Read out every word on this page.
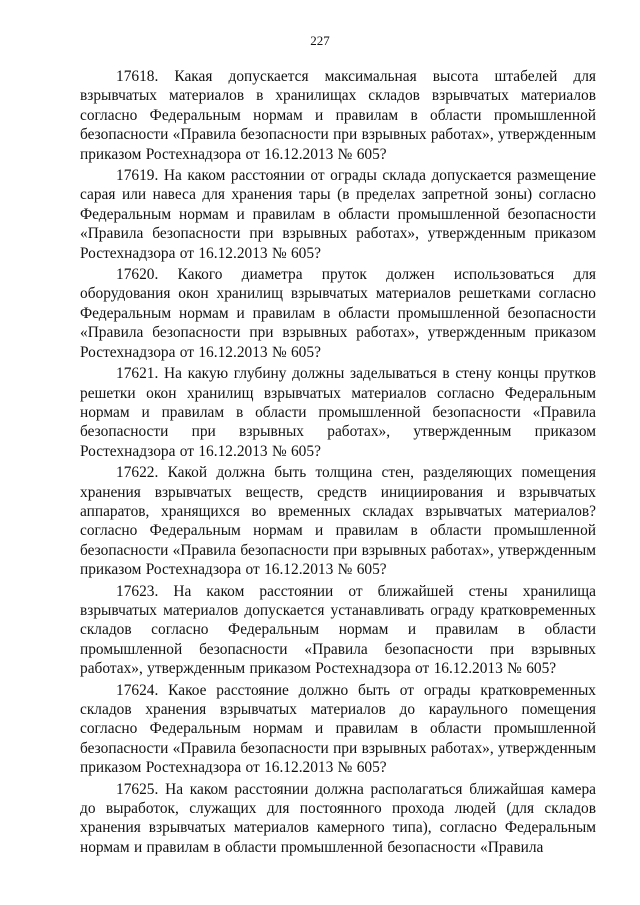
227

17618. Какая допускается максимальная высота штабелей для взрывчатых материалов в хранилищах складов взрывчатых материалов согласно Федеральным нормам и правилам в области промышленной безопасности «Правила безопасности при взрывных работах», утвержденным приказом Ростехнадзора от 16.12.2013 № 605?

17619. На каком расстоянии от ограды склада допускается размещение сарая или навеса для хранения тары (в пределах запретной зоны) согласно Федеральным нормам и правилам в области промышленной безопасности «Правила безопасности при взрывных работах», утвержденным приказом Ростехнадзора от 16.12.2013 № 605?

17620. Какого диаметра пруток должен использоваться для оборудования окон хранилищ взрывчатых материалов решетками согласно Федеральным нормам и правилам в области промышленной безопасности «Правила безопасности при взрывных работах», утвержденным приказом Ростехнадзора от 16.12.2013 № 605?

17621. На какую глубину должны заделываться в стену концы прутков решетки окон хранилищ взрывчатых материалов согласно Федеральным нормам и правилам в области промышленной безопасности «Правила безопасности при взрывных работах», утвержденным приказом Ростехнадзора от 16.12.2013 № 605?

17622. Какой должна быть толщина стен, разделяющих помещения хранения взрывчатых веществ, средств инициирования и взрывчатых аппаратов, хранящихся во временных складах взрывчатых материалов? согласно Федеральным нормам и правилам в области промышленной безопасности «Правила безопасности при взрывных работах», утвержденным приказом Ростехнадзора от 16.12.2013 № 605?

17623. На каком расстоянии от ближайшей стены хранилища взрывчатых материалов допускается устанавливать ограду кратковременных складов согласно Федеральным нормам и правилам в области промышленной безопасности «Правила безопасности при взрывных работах», утвержденным приказом Ростехнадзора от 16.12.2013 № 605?

17624. Какое расстояние должно быть от ограды кратковременных складов хранения взрывчатых материалов до караульного помещения согласно Федеральным нормам и правилам в области промышленной безопасности «Правила безопасности при взрывных работах», утвержденным приказом Ростехнадзора от 16.12.2013 № 605?

17625. На каком расстоянии должна располагаться ближайшая камера до выработок, служащих для постоянного прохода людей (для складов хранения взрывчатых материалов камерного типа), согласно Федеральным нормам и правилам в области промышленной безопасности «Правила
